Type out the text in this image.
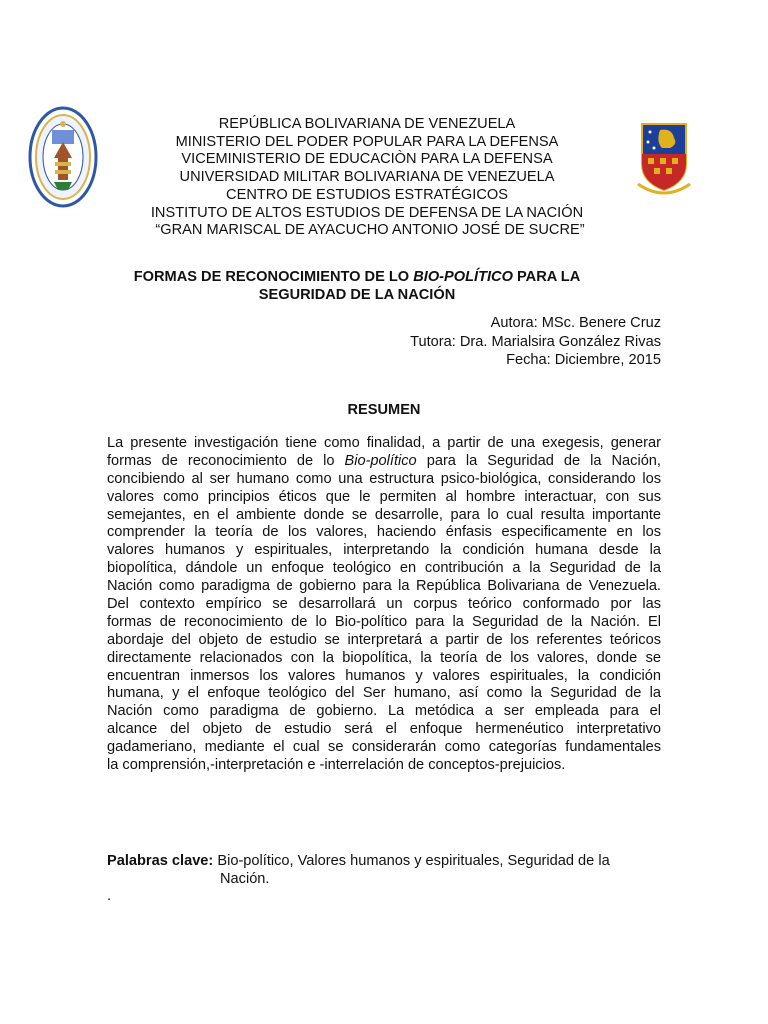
REPÚBLICA BOLIVARIANA DE VENEZUELA
MINISTERIO DEL PODER POPULAR PARA LA DEFENSA
VICEMINISTERIO DE EDUCACIÒN PARA LA DEFENSA
UNIVERSIDAD MILITAR BOLIVARIANA DE VENEZUELA
CENTRO DE ESTUDIOS ESTRATÉGICOS
INSTITUTO DE ALTOS ESTUDIOS DE DEFENSA DE LA NACIÓN
“GRAN MARISCAL DE AYACUCHO ANTONIO JOSÉ DE SUCRE”
FORMAS DE RECONOCIMIENTO DE LO BIO-POLÍTICO PARA LA
SEGURIDAD DE LA NACIÓN
Autora: MSc. Benere Cruz
Tutora: Dra. Marialsira González Rivas
Fecha: Diciembre, 2015
RESUMEN
La presente investigación tiene como finalidad, a partir de una exegesis, generar
formas de reconocimiento de lo Bio-político para la Seguridad de la Nación,
concibiendo al ser humano como una estructura psico-biológica, considerando los
valores como principios éticos que le permiten al hombre interactuar, con sus
semejantes, en el ambiente donde se desarrolle, para lo cual resulta importante
comprender la teoría de los valores, haciendo énfasis especificamente en los
valores humanos y espirituales, interpretando la condición humana desde la
biopolítica, dándole un enfoque teológico en contribución a la Seguridad de la
Nación como paradigma de gobierno para la República Bolivariana de Venezuela.
Del contexto empírico se desarrollará un corpus teórico conformado por las
formas de reconocimiento de lo Bio-político para la Seguridad de la Nación. El
abordaje del objeto de estudio se interpretará a partir de los referentes teóricos
directamente relacionados con la biopolítica, la teoría de los valores, donde se
encuentran inmersos los valores humanos y valores espirituales, la condición
humana, y el enfoque teológico del Ser humano, así como la Seguridad de la
Nación como paradigma de gobierno. La metódica a ser empleada para el
alcance del objeto de estudio será el enfoque hermenéutico interpretativo
gadameriano, mediante el cual se considerarán como categorías fundamentales
la comprensión,-interpretación e -interrelación de conceptos-prejuicios.
Palabras clave: Bio-político, Valores humanos y espirituales, Seguridad de la
Nación.
.
